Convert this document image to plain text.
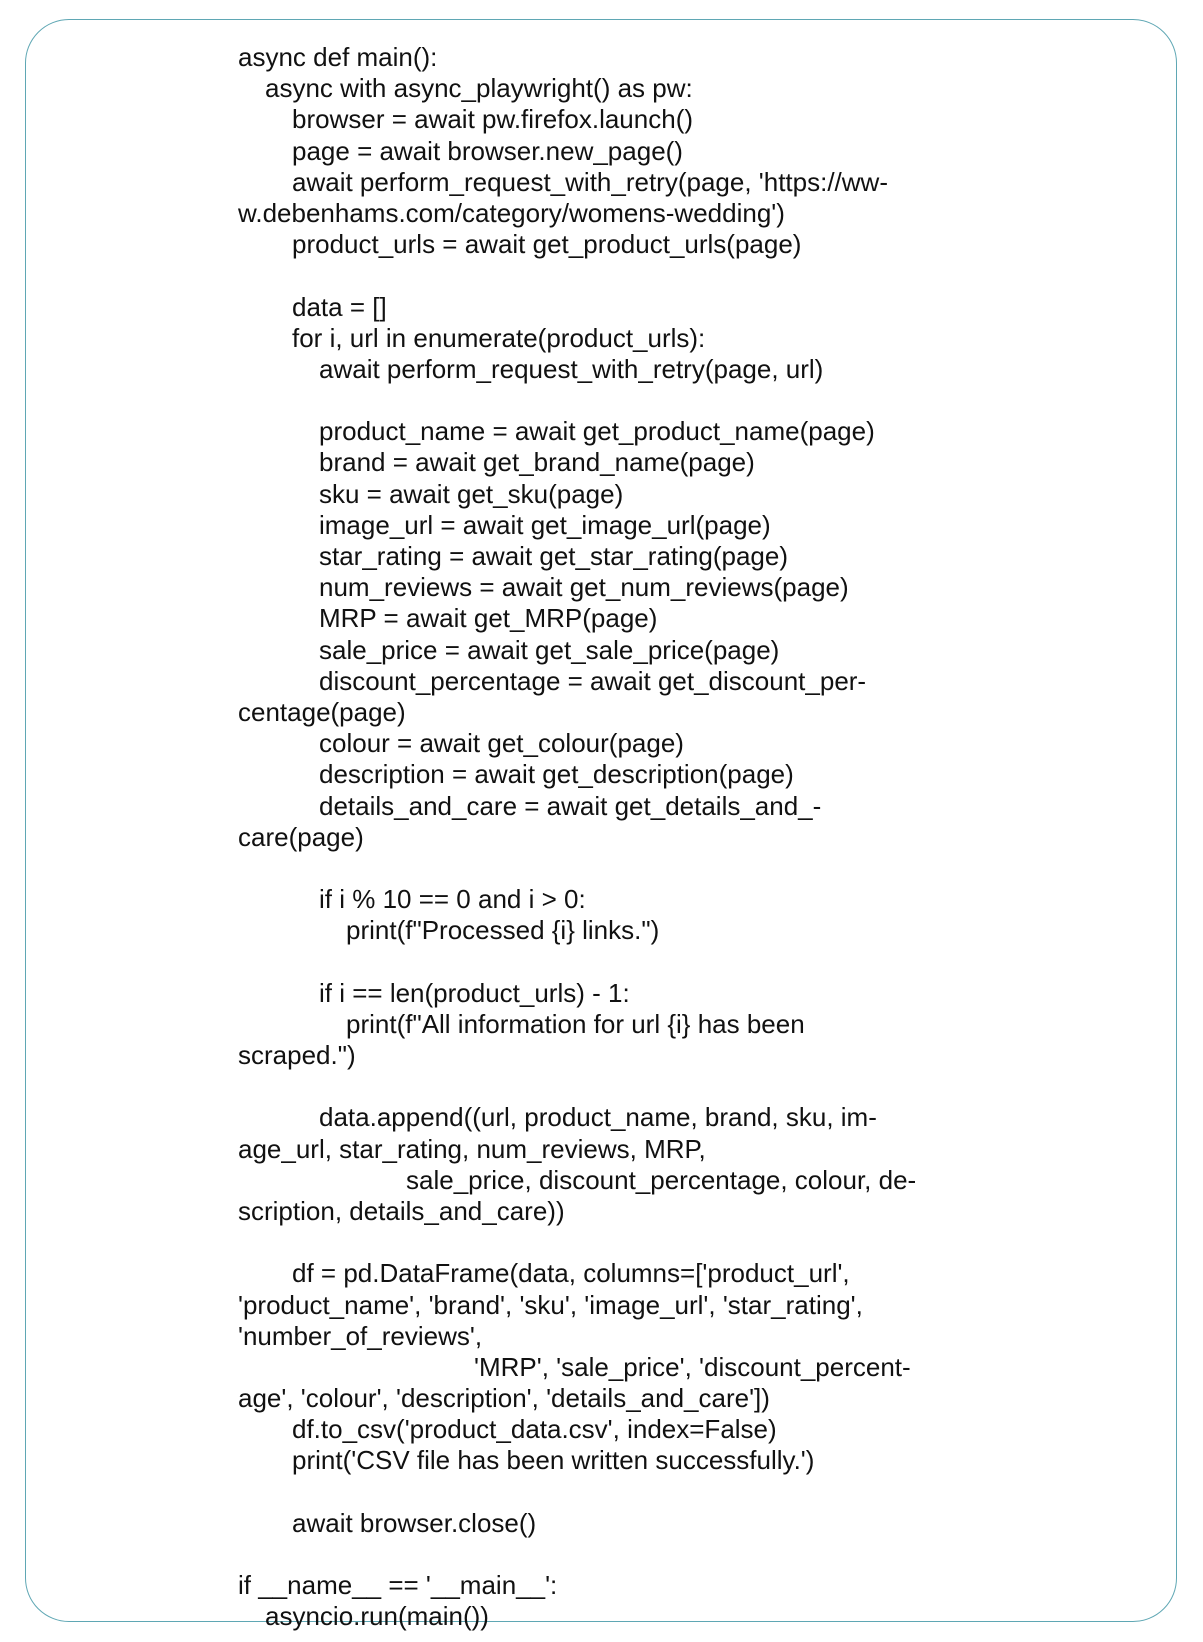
async def main():
async with async_playwright() as pw:
browser = await pw.firefox.launch()
page = await browser.new_page()
await perform_request_with_retry(page, 'https://ww-
w.debenhams.com/category/womens-wedding')
product_urls = await get_product_urls(page)
data = []
for i, url in enumerate(product_urls):
await perform_request_with_retry(page, url)
product_name = await get_product_name(page)
brand = await get_brand_name(page)
sku = await get_sku(page)
image_url = await get_image_url(page)
star_rating = await get_star_rating(page)
num_reviews = await get_num_reviews(page)
MRP = await get_MRP(page)
sale_price = await get_sale_price(page)
discount_percentage = await get_discount_per-
centage(page)
colour = await get_colour(page)
description = await get_description(page)
details_and_care = await get_details_and_-
care(page)
if i % 10 == 0 and i > 0:
print(f"Processed {i} links.")
if i == len(product_urls) - 1:
print(f"All information for url {i} has been
scraped.")
data.append((url, product_name, brand, sku, im-
age_url, star_rating, num_reviews, MRP,
sale_price, discount_percentage, colour, de-
scription, details_and_care))
df = pd.DataFrame(data, columns=['product_url',
'product_name', 'brand', 'sku', 'image_url', 'star_rating',
'number_of_reviews',
'MRP', 'sale_price', 'discount_percent-
age', 'colour', 'description', 'details_and_care'])
df.to_csv('product_data.csv', index=False)
print('CSV file has been written successfully.')
await browser.close()
if __name__ == '__main__':
asyncio.run(main())
